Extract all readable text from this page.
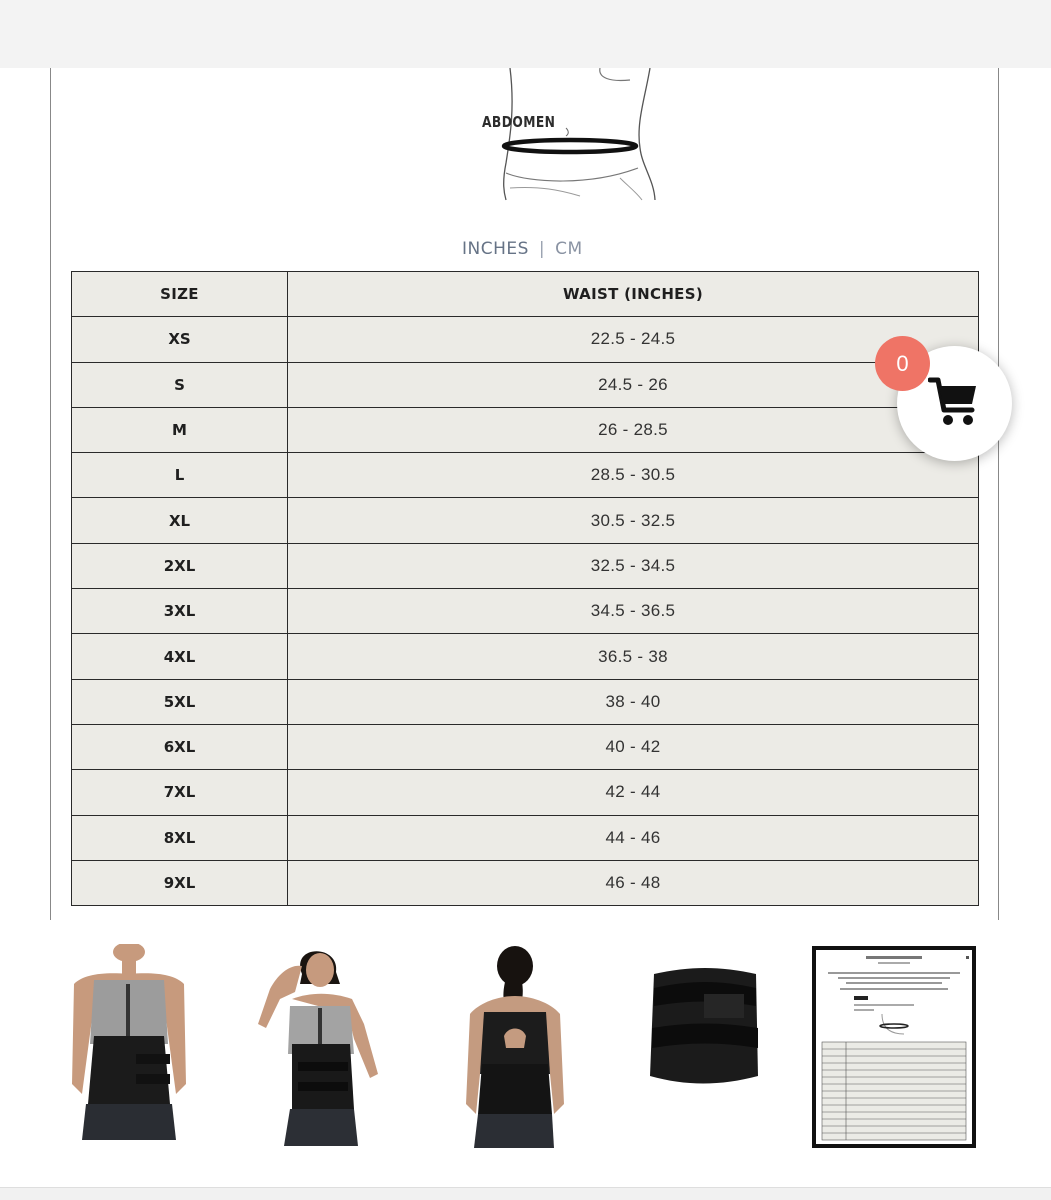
ABDOMEN
INCHES | CM
SIZE	WAIST (INCHES)
XS	22.5 - 24.5
S	24.5 - 26
M	26 - 28.5
L	28.5 - 30.5
XL	30.5 - 32.5
2XL	32.5 - 34.5
3XL	34.5 - 36.5
4XL	36.5 - 38
5XL	38 - 40
6XL	40 - 42
7XL	42 - 44
8XL	44 - 46
9XL	46 - 48
0
